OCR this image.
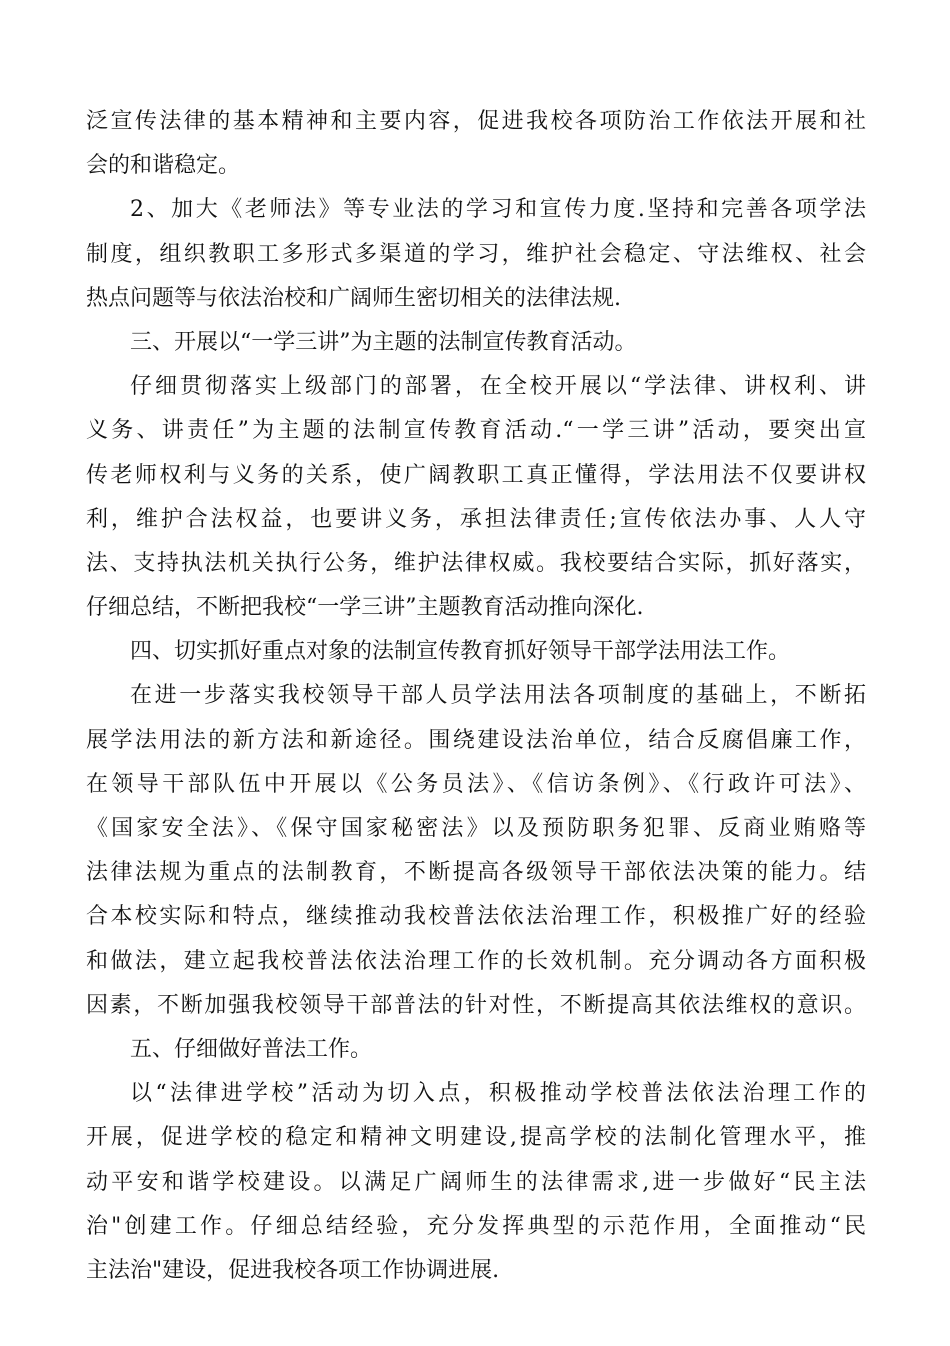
泛宣传法律的基本精神和主要内容，促进我校各项防治工作依法开展和社
会的和谐稳定。
2、加大《老师法》等专业法的学习和宣传力度.坚持和完善各项学法
制度，组织教职工多形式多渠道的学习，维护社会稳定、守法维权、社会
热点问题等与依法治校和广阔师生密切相关的法律法规.
三、开展以“一学三讲”为主题的法制宣传教育活动。
仔细贯彻落实上级部门的部署，在全校开展以“学法律、讲权利、讲
义务、讲责任”为主题的法制宣传教育活动.“一学三讲”活动，要突出宣
传老师权利与义务的关系，使广阔教职工真正懂得，学法用法不仅要讲权
利，维护合法权益，也要讲义务，承担法律责任;宣传依法办事、人人守
法、支持执法机关执行公务，维护法律权威。我校要结合实际，抓好落实，
仔细总结，不断把我校“一学三讲”主题教育活动推向深化.
四、切实抓好重点对象的法制宣传教育抓好领导干部学法用法工作。
在进一步落实我校领导干部人员学法用法各项制度的基础上，不断拓
展学法用法的新方法和新途径。围绕建设法治单位，结合反腐倡廉工作，
在领导干部队伍中开展以《公务员法》、《信访条例》、《行政许可法》、
《国家安全法》、《保守国家秘密法》以及预防职务犯罪、反商业贿赂等
法律法规为重点的法制教育，不断提高各级领导干部依法决策的能力。结
合本校实际和特点，继续推动我校普法依法治理工作，积极推广好的经验
和做法，建立起我校普法依法治理工作的长效机制。充分调动各方面积极
因素，不断加强我校领导干部普法的针对性，不断提高其依法维权的意识。
五、仔细做好普法工作。
以“法律进学校”活动为切入点，积极推动学校普法依法治理工作的
开展，促进学校的稳定和精神文明建设,提高学校的法制化管理水平，推
动平安和谐学校建设。以满足广阔师生的法律需求,进一步做好“民主法
治"创建工作。仔细总结经验，充分发挥典型的示范作用，全面推动“民
主法治"建设，促进我校各项工作协调进展.
